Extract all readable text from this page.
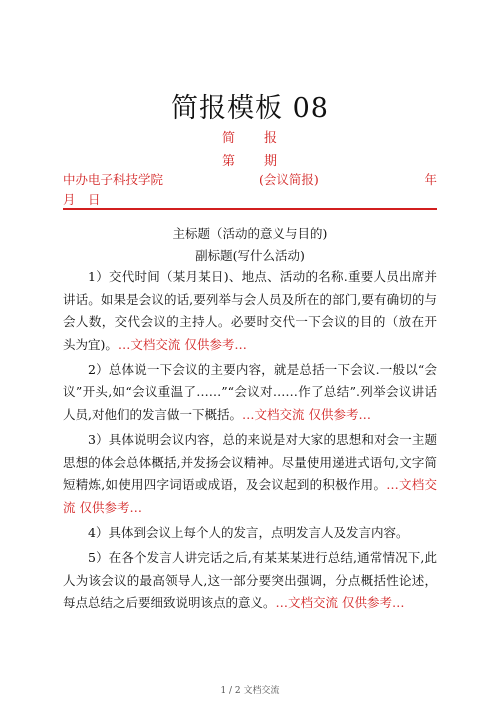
简报模板 08
简　　报
第　　期
中办电子科技学院	(会议简报)	年
月　日
主标题（活动的意义与目的)
副标题(写什么活动)

1）交代时间（某月某日)、地点、活动的名称.重要人员出席并讲话。如果是会议的话,要列举与会人员及所在的部门,要有确切的与会人数，交代会议的主持人。必要时交代一下会议的目的（放在开头为宜)。…文档交流 仅供参考…

2）总体说一下会议的主要内容，就是总括一下会议.一般以“会议”开头,如“会议重温了……”“会议对……作了总结”.列举会议讲话人员,对他们的发言做一下概括。…文档交流 仅供参考…

3）具体说明会议内容，总的来说是对大家的思想和对会一主题思想的体会总体概括,并发扬会议精神。尽量使用递进式语句,文字简短精炼,如使用四字词语或成语，及会议起到的积极作用。…文档交流 仅供参考…

4）具体到会议上每个人的发言，点明发言人及发言内容。

5）在各个发言人讲完话之后,有某某某进行总结,通常情况下,此人为该会议的最高领导人,这一部分要突出强调，分点概括性论述，每点总结之后要细致说明该点的意义。…文档交流 仅供参考…

1 / 2 文档交流
